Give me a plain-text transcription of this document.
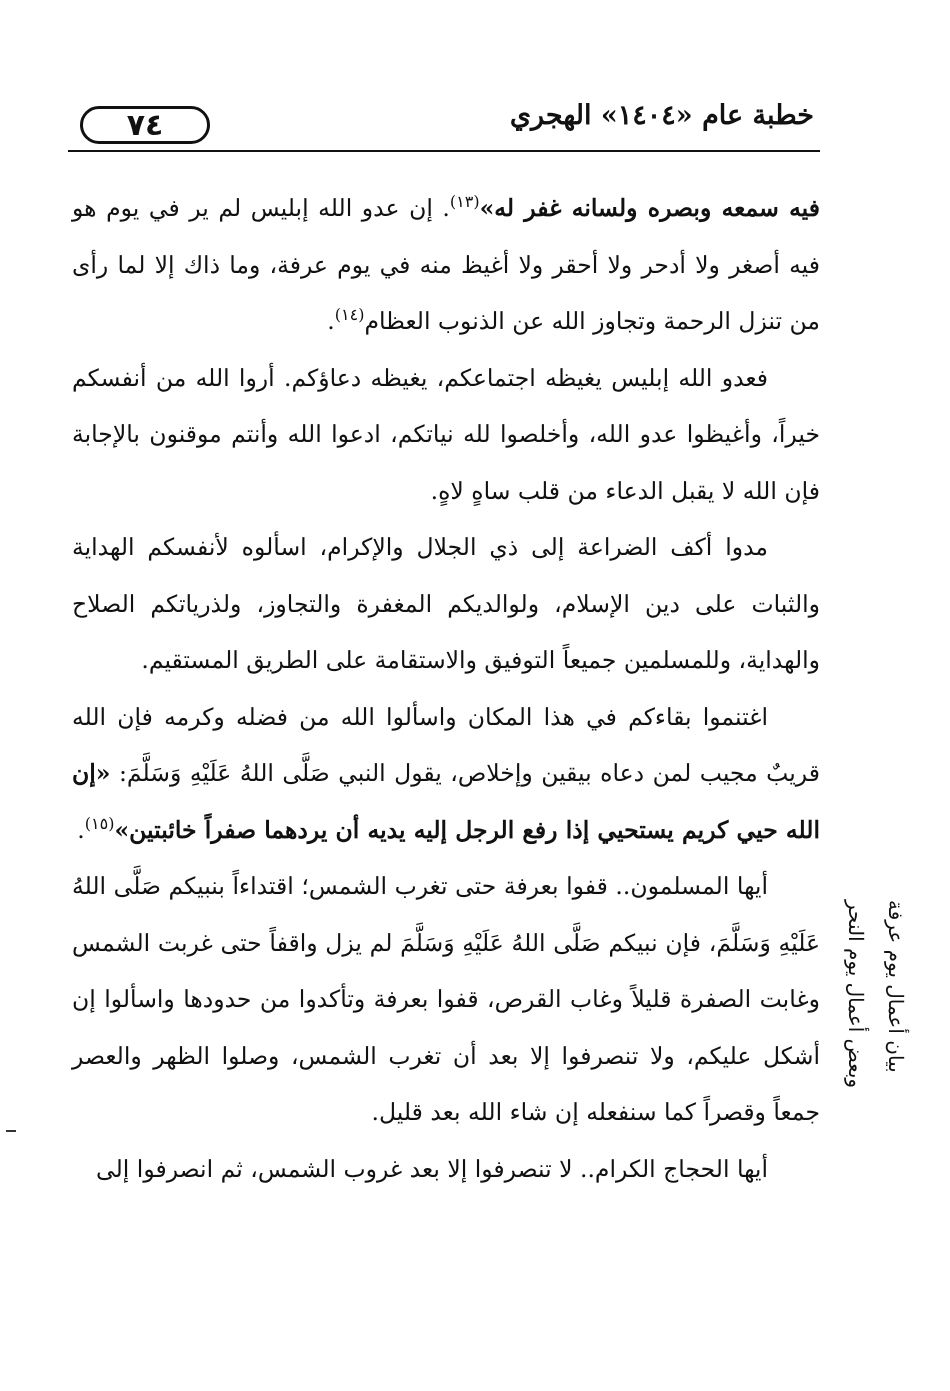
٧٤	خطبة عام «١٤٠٤» الهجري

فيه سمعه وبصره ولسانه غفر له»$^{(١٣)}$. إن عدو الله إبليس لم ير في يوم هو فيه أصغر ولا أدحر ولا أحقر ولا أغيظ منه في يوم عرفة، وما ذاك إلا لما رأى من تنزل الرحمة وتجاوز الله عن الذنوب العظام$^{(١٤)}$.

فعدو الله إبليس يغيظه اجتماعكم، يغيظه دعاؤكم. أروا الله من أنفسكم خيراً، وأغيظوا عدو الله، وأخلصوا لله نياتكم، ادعوا الله وأنتم موقنون بالإجابة فإن الله لا يقبل الدعاء من قلب ساهٍ لاهٍ.

مدوا أكف الضراعة إلى ذي الجلال والإكرام، اسألوه لأنفسكم الهداية والثبات على دين الإسلام، ولوالديكم المغفرة والتجاوز، ولذرياتكم الصلاح والهداية، وللمسلمين جميعاً التوفيق والاستقامة على الطريق المستقيم.

اغتنموا بقاءكم في هذا المكان واسألوا الله من فضله وكرمه فإن الله قريبٌ مجيب لمن دعاه بيقين وإخلاص، يقول النبي صَلَّى اللهُ عَلَيْهِ وَسَلَّمَ: «إن الله حيي كريم يستحيي إذا رفع الرجل إليه يديه أن يردهما صفراً خائبتين»$^{(١٥)}$.

أيها المسلمون.. قفوا بعرفة حتى تغرب الشمس؛ اقتداءاً بنبيكم صَلَّى اللهُ عَلَيْهِ وَسَلَّمَ، فإن نبيكم صَلَّى اللهُ عَلَيْهِ وَسَلَّمَ لم يزل واقفاً حتى غربت الشمس وغابت الصفرة قليلاً وغاب القرص، قفوا بعرفة وتأكدوا من حدودها واسألوا إن أشكل عليكم، ولا تنصرفوا إلا بعد أن تغرب الشمس، وصلوا الظهر والعصر جمعاً وقصراً كما سنفعله إن شاء الله بعد قليل.

أيها الحجاج الكرام.. لا تنصرفوا إلا بعد غروب الشمس، ثم انصرفوا إلى

بيان أعمال يوم عرفة
وبعض أعمال يوم النحر
